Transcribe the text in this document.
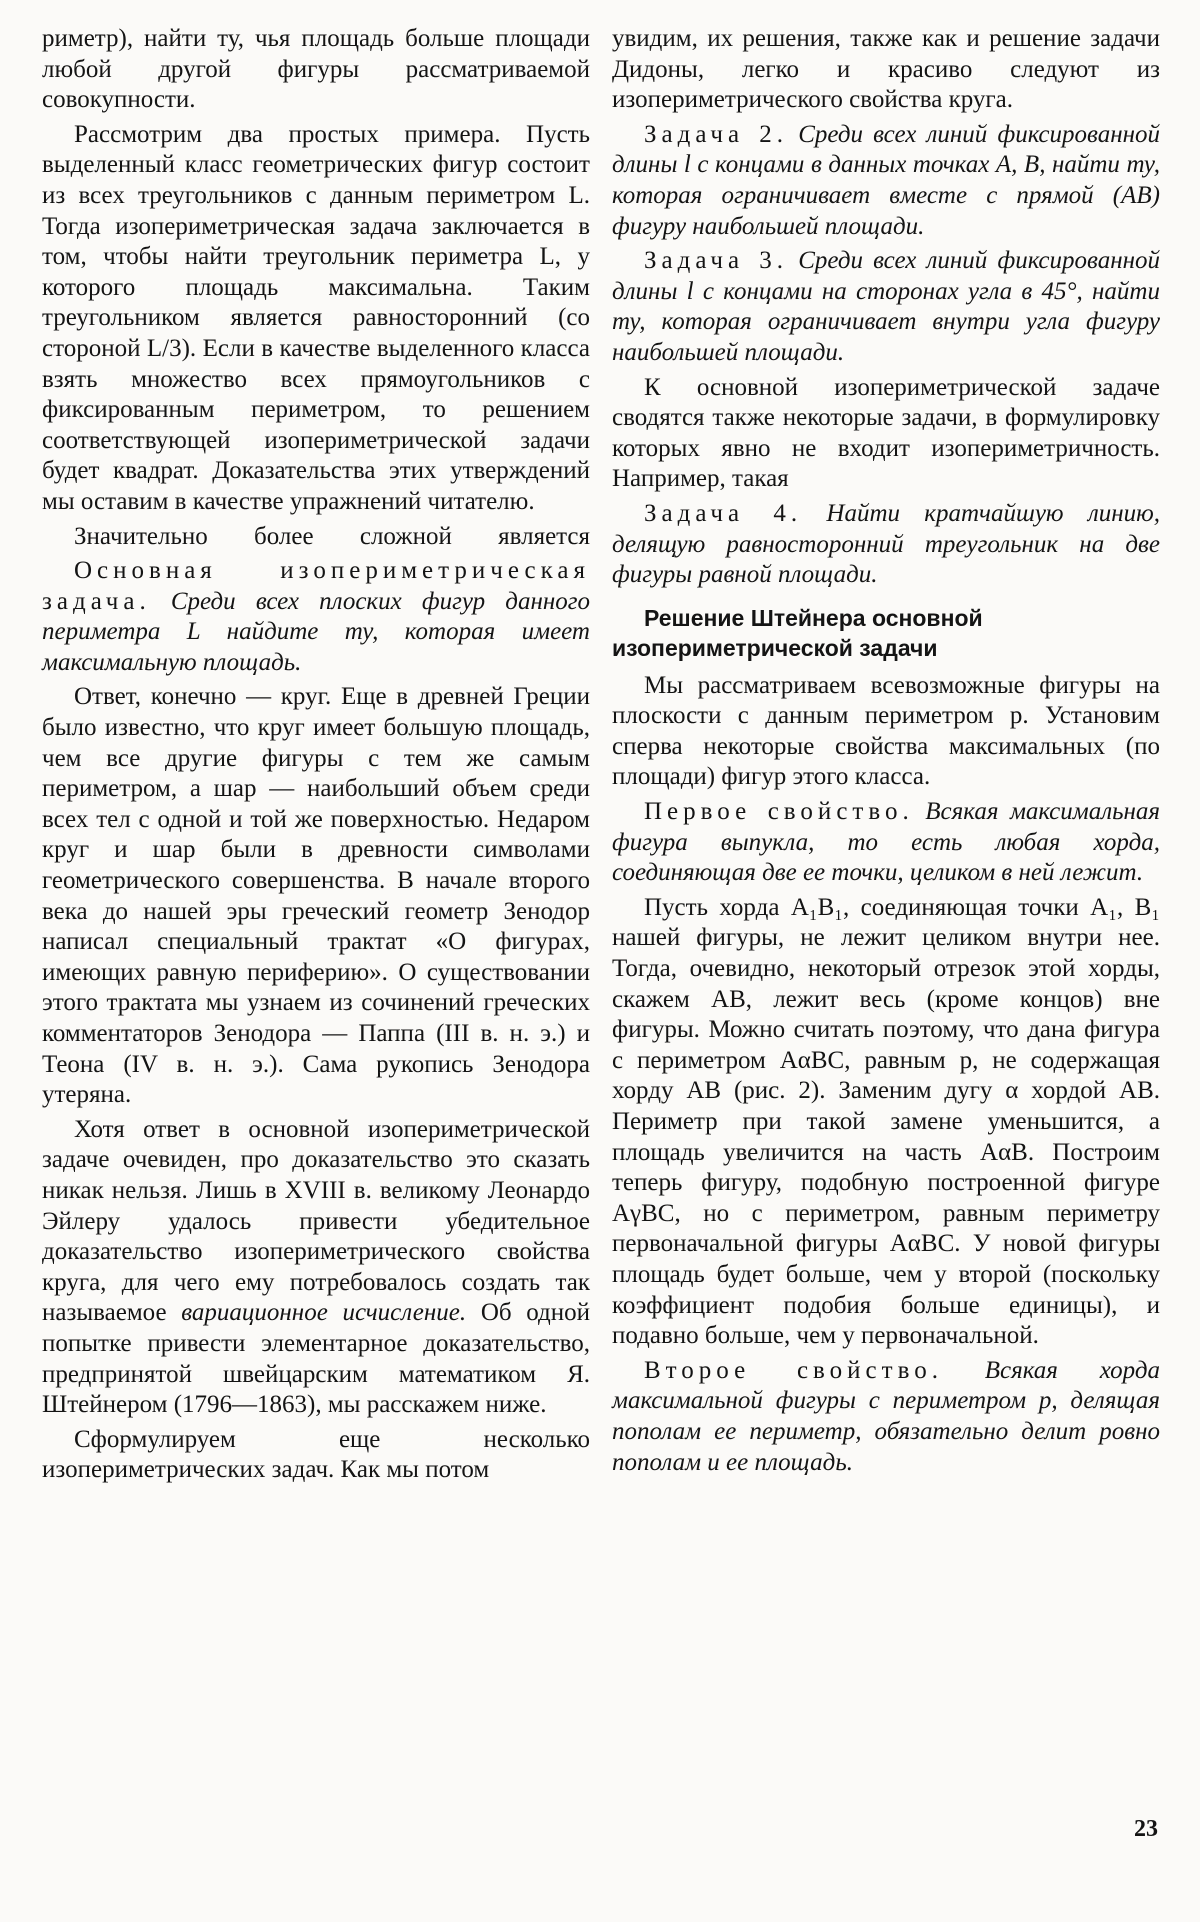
риметр), найти ту, чья площадь больше площади любой другой фигуры рассматриваемой совокупности.

Рассмотрим два простых примера. Пусть выделенный класс геометрических фигур состоит из всех треугольников с данным периметром L. Тогда изопериметрическая задача заключается в том, чтобы найти треугольник периметра L, у которого площадь максимальна. Таким треугольником является равносторонний (со стороной L/3). Если в качестве выделенного класса взять множество всех прямоугольников с фиксированным периметром, то решением соответствующей изопериметрической задачи будет квадрат. Доказательства этих утверждений мы оставим в качестве упражнений читателю.

Значительно более сложной является

Основная изопериметрическая задача. Среди всех плоских фигур данного периметра L найдите ту, которая имеет максимальную площадь.

Ответ, конечно — круг. Еще в древней Греции было известно, что круг имеет большую площадь, чем все другие фигуры с тем же самым периметром, а шар — наибольший объем среди всех тел с одной и той же поверхностью. Недаром круг и шар были в древности символами геометрического совершенства. В начале второго века до нашей эры греческий геометр Зенодор написал специальный трактат «О фигурах, имеющих равную периферию». О существовании этого трактата мы узнаем из сочинений греческих комментаторов Зенодора — Паппа (III в. н. э.) и Теона (IV в. н. э.). Сама рукопись Зенодора утеряна.

Хотя ответ в основной изопериметрической задаче очевиден, про доказательство это сказать никак нельзя. Лишь в XVIII в. великому Леонардо Эйлеру удалось привести убедительное доказательство изопериметрического свойства круга, для чего ему потребовалось создать так называемое вариационное исчисление. Об одной попытке привести элементарное доказательство, предпринятой швейцарским математиком Я. Штейнером (1796—1863), мы расскажем ниже.

Сформулируем еще несколько изопериметрических задач. Как мы потом

увидим, их решения, также как и решение задачи Дидоны, легко и красиво следуют из изопериметрического свойства круга.

Задача 2. Среди всех линий фиксированной длины l с концами в данных точках A, B, найти ту, которая ограничивает вместе с прямой (AB) фигуру наибольшей площади.

Задача 3. Среди всех линий фиксированной длины l с концами на сторонах угла в 45°, найти ту, которая ограничивает внутри угла фигуру наибольшей площади.

К основной изопериметрической задаче сводятся также некоторые задачи, в формулировку которых явно не входит изопериметричность. Например, такая

Задача 4. Найти кратчайшую линию, делящую равносторонний треугольник на две фигуры равной площади.

Решение Штейнера основной изопериметрической задачи

Мы рассматриваем всевозможные фигуры на плоскости с данным периметром p. Установим сперва некоторые свойства максимальных (по площади) фигур этого класса.

Первое свойство. Всякая максимальная фигура выпукла, то есть любая хорда, соединяющая две ее точки, целиком в ней лежит.

Пусть хорда A₁B₁, соединяющая точки A₁, B₁ нашей фигуры, не лежит целиком внутри нее. Тогда, очевидно, некоторый отрезок этой хорды, скажем AB, лежит весь (кроме концов) вне фигуры. Можно считать поэтому, что дана фигура с периметром AαBC, равным p, не содержащая хорду AB (рис. 2). Заменим дугу α хордой AB. Периметр при такой замене уменьшится, а площадь увеличится на часть AαB. Построим теперь фигуру, подобную построенной фигуре AγBC, но с периметром, равным периметру первоначальной фигуры AαBC. У новой фигуры площадь будет больше, чем у второй (поскольку коэффициент подобия больше единицы), и подавно больше, чем у первоначальной.

Второе свойство. Всякая хорда максимальной фигуры с периметром p, делящая пополам ее периметр, обязательно делит ровно пополам и ее площадь.

23
